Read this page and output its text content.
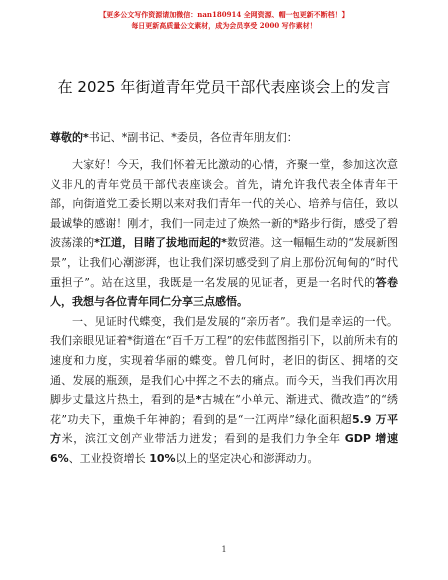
【更多公文写作资源请加微信：nan180914 全网资源、帽一包更新不断档！】
每日更新高质量公文素材，成为会员享受 2000 写作素材！
在 2025 年街道青年党员干部代表座谈会上的发言
尊敬的*书记、*副书记、*委员，各位青年朋友们：

大家好！今天，我们怀着无比激动的心情，齐聚一堂，参加这次意义非凡的青年党员干部代表座谈会。首先，请允许我代表全体青年干部，向街道党工委长期以来对我们青年一代的关心、培养与信任，致以最诚挚的感谢！刚才，我们一同走过了焕然一新的*路步行街，感受了碧波荡漾的*江道，目睹了拔地而起的*数贸港。这一幅幅生动的“发展新图景”，让我们心潮澎湃，也让我们深切感受到了肩上那份沉甸甸的“时代重担子”。站在这里，我既是一名发展的见证者，更是一名时代的答卷人，我想与各位青年同仁分享三点感悟。

一、见证时代蝶变，我们是发展的“亲历者”。我们是幸运的一代。我们亲眼见证着*街道在“百千万工程”的宏伟蓝图指引下，以前所未有的速度和力度，实现着华丽的蝶变。曾几何时，老旧的街区、拥堵的交通、发展的瓶颈，是我们心中挥之不去的痛点。而今天，当我们再次用脚步丈量这片热土，看到的是*古城在“小单元、渐进式、微改造”的“绣花”功夫下，重焕千年神韵；看到的是“一江两岸”绿化面积超5.9 万平方米，滨江文创产业带活力迸发；看到的是我们力争全年 GDP 增速 6%、工业投资增长 10%以上的坚定决心和澎湃动力。

1
